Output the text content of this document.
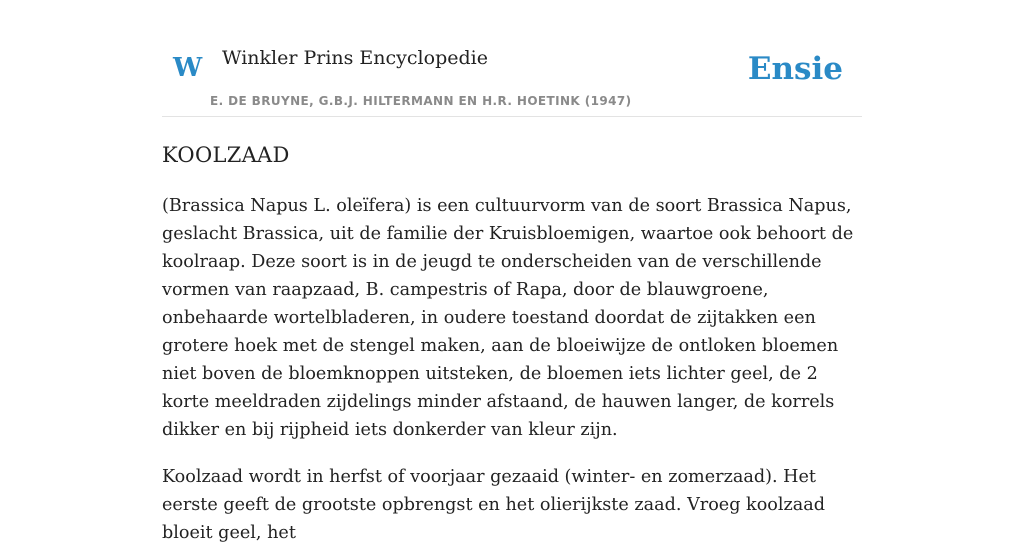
W Winkler Prins Encyclopedie
E. DE BRUYNE, G.B.J. HILTERMANN EN H.R. HOETINK (1947)
Ensie
KOOLZAAD

(Brassica Napus L. oleïfera) is een cultuurvorm van de soort Brassica Napus, geslacht Brassica, uit de familie der Kruisbloemigen, waartoe ook behoort de koolraap. Deze soort is in de jeugd te onderscheiden van de verschillende vormen van raapzaad, B. campestris of Rapa, door de blauwgroene, onbehaarde wortelbladeren, in oudere toestand doordat de zijtakken een grotere hoek met de stengel maken, aan de bloeiwijze de ontloken bloemen niet boven de bloemknoppen uitsteken, de bloemen iets lichter geel, de 2 korte meeldraden zijdelings minder afstaand, de hauwen langer, de korrels dikker en bij rijpheid iets donkerder van kleur zijn.

Koolzaad wordt in herfst of voorjaar gezaaid (winter- en zomerzaad). Het eerste geeft de grootste opbrengst en het olierijkste zaad. Vroeg koolzaad bloeit geel, het
